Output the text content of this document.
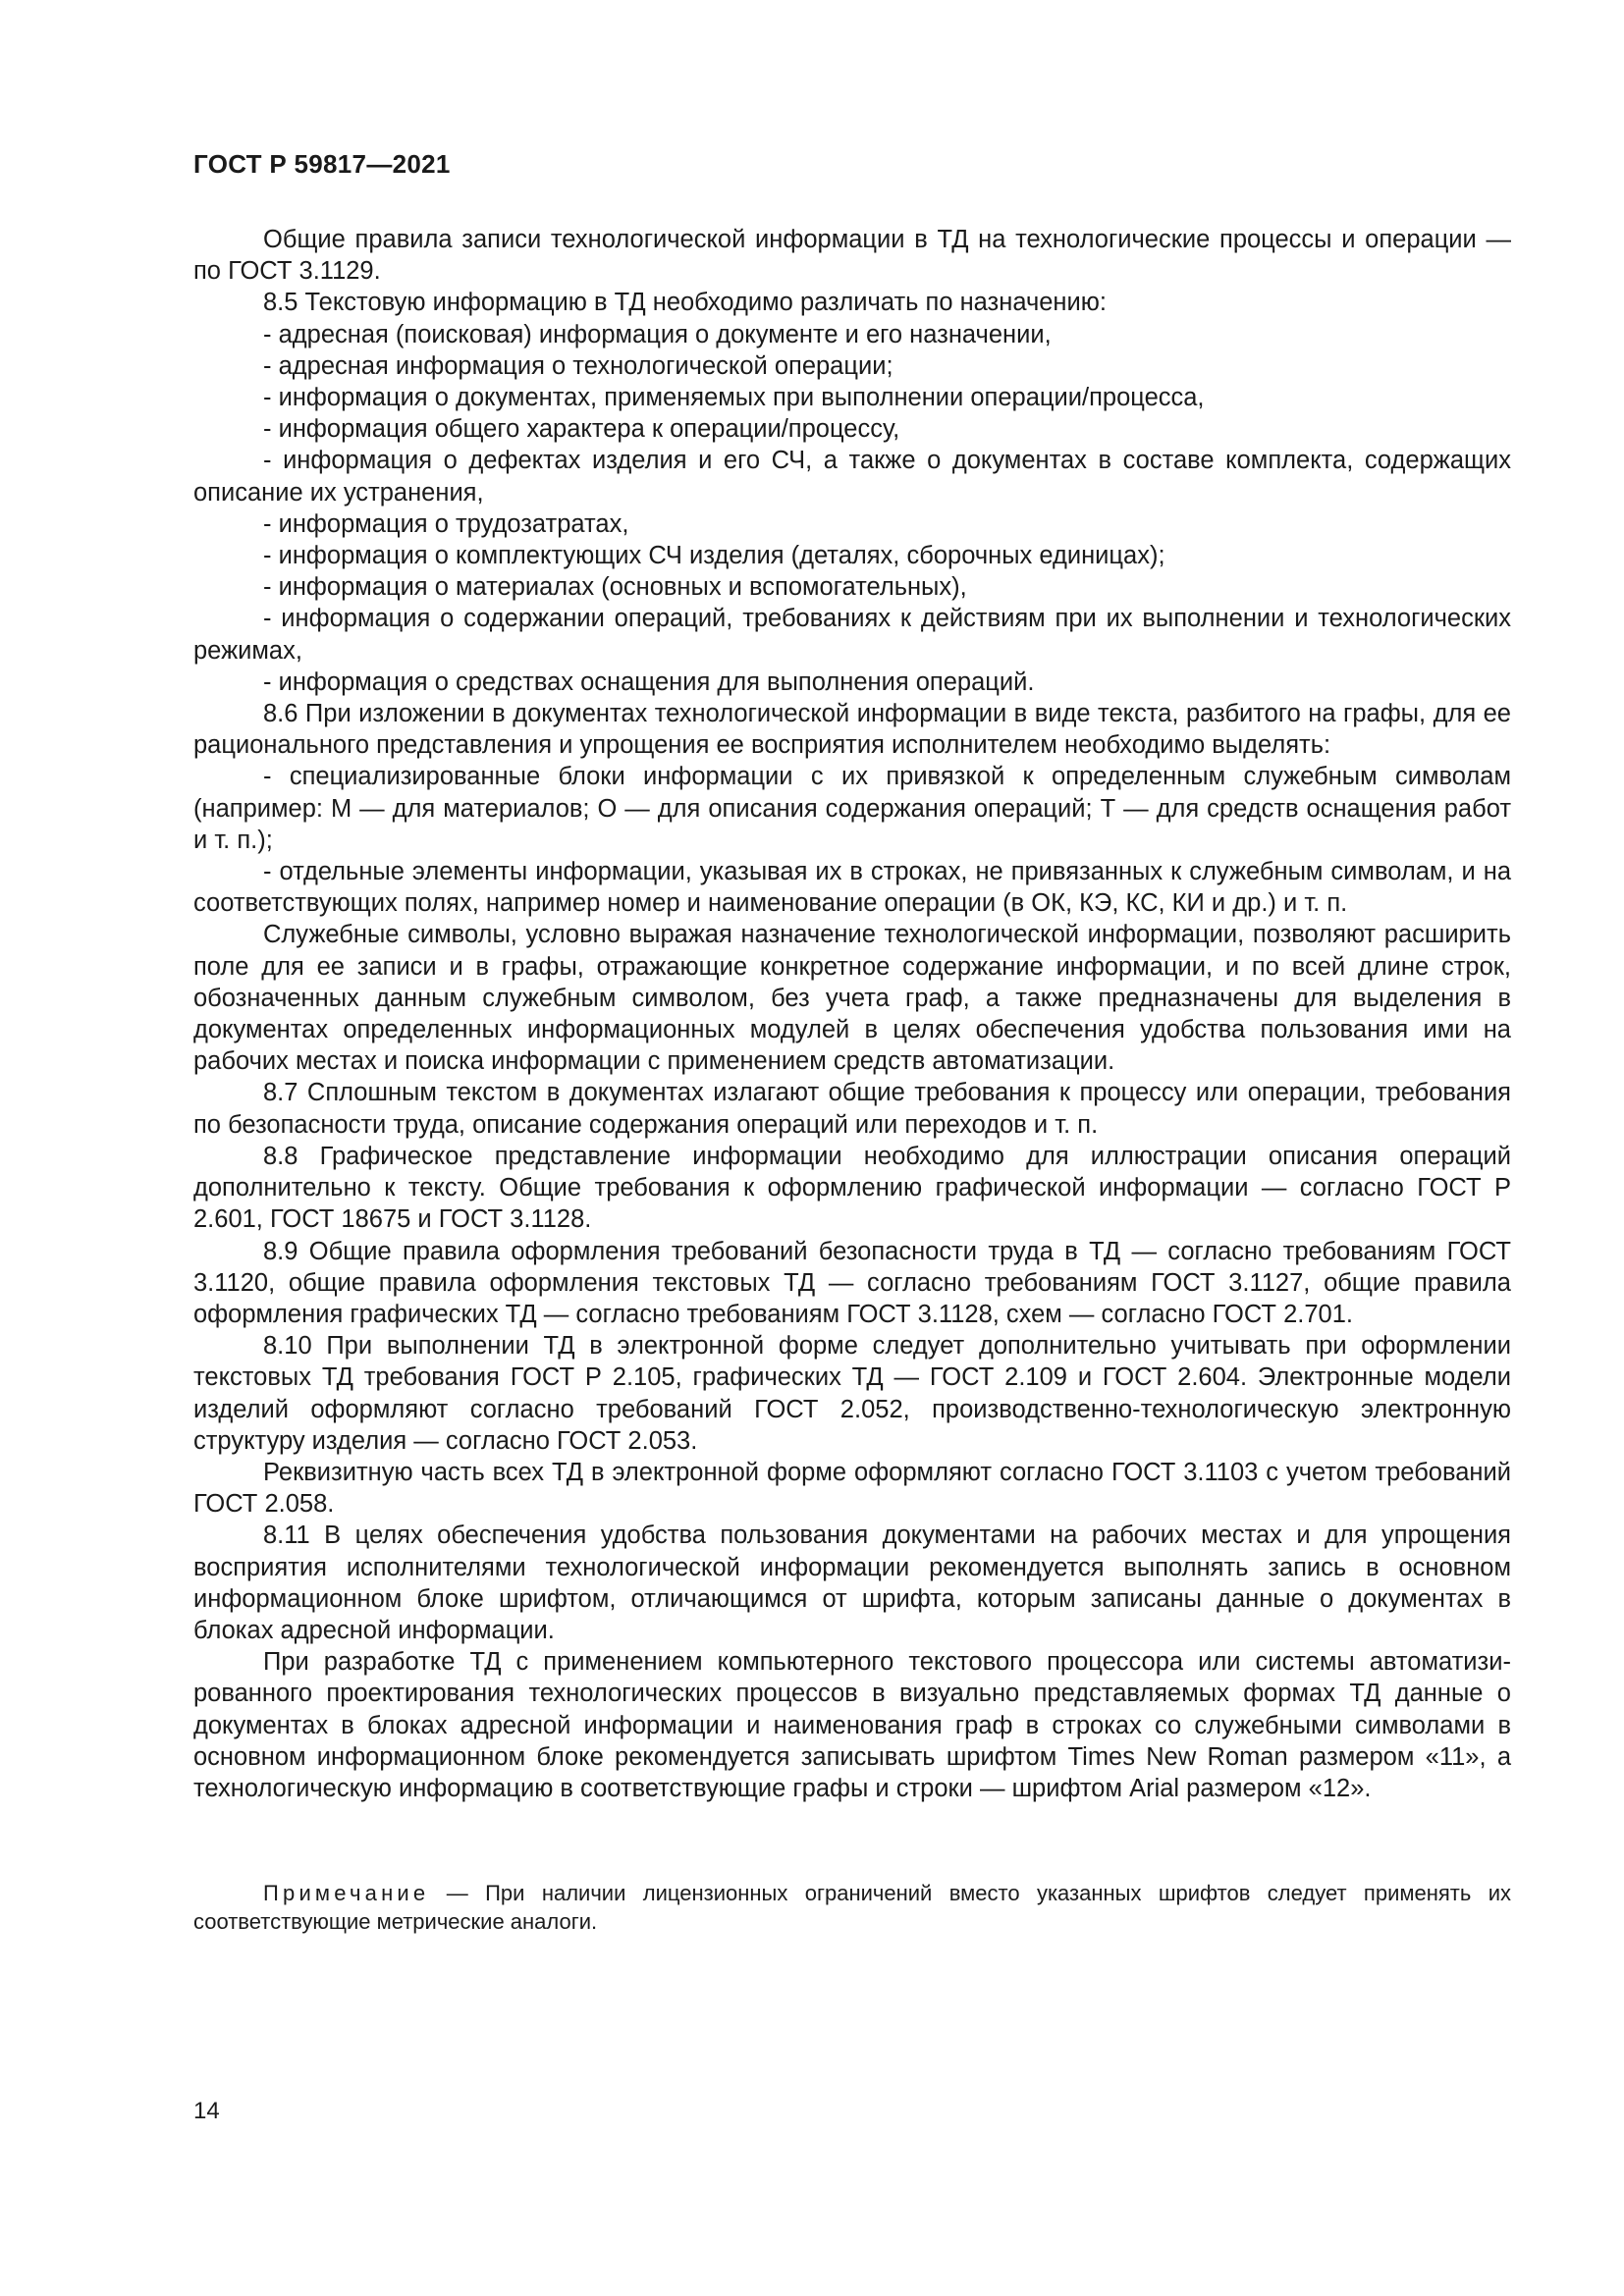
ГОСТ Р 59817—2021

Общие правила записи технологической информации в ТД на технологические процессы и операции — по ГОСТ 3.1129.

8.5 Текстовую информацию в ТД необходимо различать по назначению:

- адресная (поисковая) информация о документе и его назначении,

- адресная информация о технологической операции;

- информация о документах, применяемых при выполнении операции/процесса,

- информация общего характера к операции/процессу,

- информация о дефектах изделия и его СЧ, а также о документах в составе комплекта, содержащих описание их устранения,

- информация о трудозатратах,

- информация о комплектующих СЧ изделия (деталях, сборочных единицах);

- информация о материалах (основных и вспомогательных),

- информация о содержании операций, требованиях к действиям при их выполнении и технологических режимах,

- информация о средствах оснащения для выполнения операций.

8.6 При изложении в документах технологической информации в виде текста, разбитого на графы, для ее рационального представления и упрощения ее восприятия исполнителем необходимо выделять:

- специализированные блоки информации с их привязкой к определенным служебным символам (например: М — для материалов; О — для описания содержания операций; Т — для средств оснащения работ и т. п.);

- отдельные элементы информации, указывая их в строках, не привязанных к служебным символам, и на соответствующих полях, например номер и наименование операции (в ОК, КЭ, КС, КИ и др.) и т. п.

Служебные символы, условно выражая назначение технологической информации, позволяют расширить поле для ее записи и в графы, отражающие конкретное содержание информации, и по всей длине строк, обозначенных данным служебным символом, без учета граф, а также предназначены для выделения в документах определенных информационных модулей в целях обеспечения удобства пользования ими на рабочих местах и поиска информации с применением средств автоматизации.

8.7 Сплошным текстом в документах излагают общие требования к процессу или операции, требования по безопасности труда, описание содержания операций или переходов и т. п.

8.8 Графическое представление информации необходимо для иллюстрации описания операций дополнительно к тексту. Общие требования к оформлению графической информации — согласно ГОСТ Р 2.601, ГОСТ 18675 и ГОСТ 3.1128.

8.9 Общие правила оформления требований безопасности труда в ТД — согласно требованиям ГОСТ 3.1120, общие правила оформления текстовых ТД — согласно требованиям ГОСТ 3.1127, общие правила оформления графических ТД — согласно требованиям ГОСТ 3.1128, схем — согласно ГОСТ 2.701.

8.10 При выполнении ТД в электронной форме следует дополнительно учитывать при оформлении текстовых ТД требования ГОСТ Р 2.105, графических ТД — ГОСТ 2.109 и ГОСТ 2.604. Электронные модели изделий оформляют согласно требований ГОСТ 2.052, производственно-технологическую электронную структуру изделия — согласно ГОСТ 2.053.

Реквизитную часть всех ТД в электронной форме оформляют согласно ГОСТ 3.1103 с учетом требований ГОСТ 2.058.

8.11 В целях обеспечения удобства пользования документами на рабочих местах и для упрощения восприятия исполнителями технологической информации рекомендуется выполнять запись в основном информационном блоке шрифтом, отличающимся от шрифта, которым записаны данные о документах в блоках адресной информации.

При разработке ТД с применением компьютерного текстового процессора или системы автоматизированного проектирования технологических процессов в визуально представляемых формах ТД данные о документах в блоках адресной информации и наименования граф в строках со служебными символами в основном информационном блоке рекомендуется записывать шрифтом Times New Roman размером «11», а технологическую информацию в соответствующие графы и строки — шрифтом Arial размером «12».

Примечание — При наличии лицензионных ограничений вместо указанных шрифтов следует применять их соответствующие метрические аналоги.

14
